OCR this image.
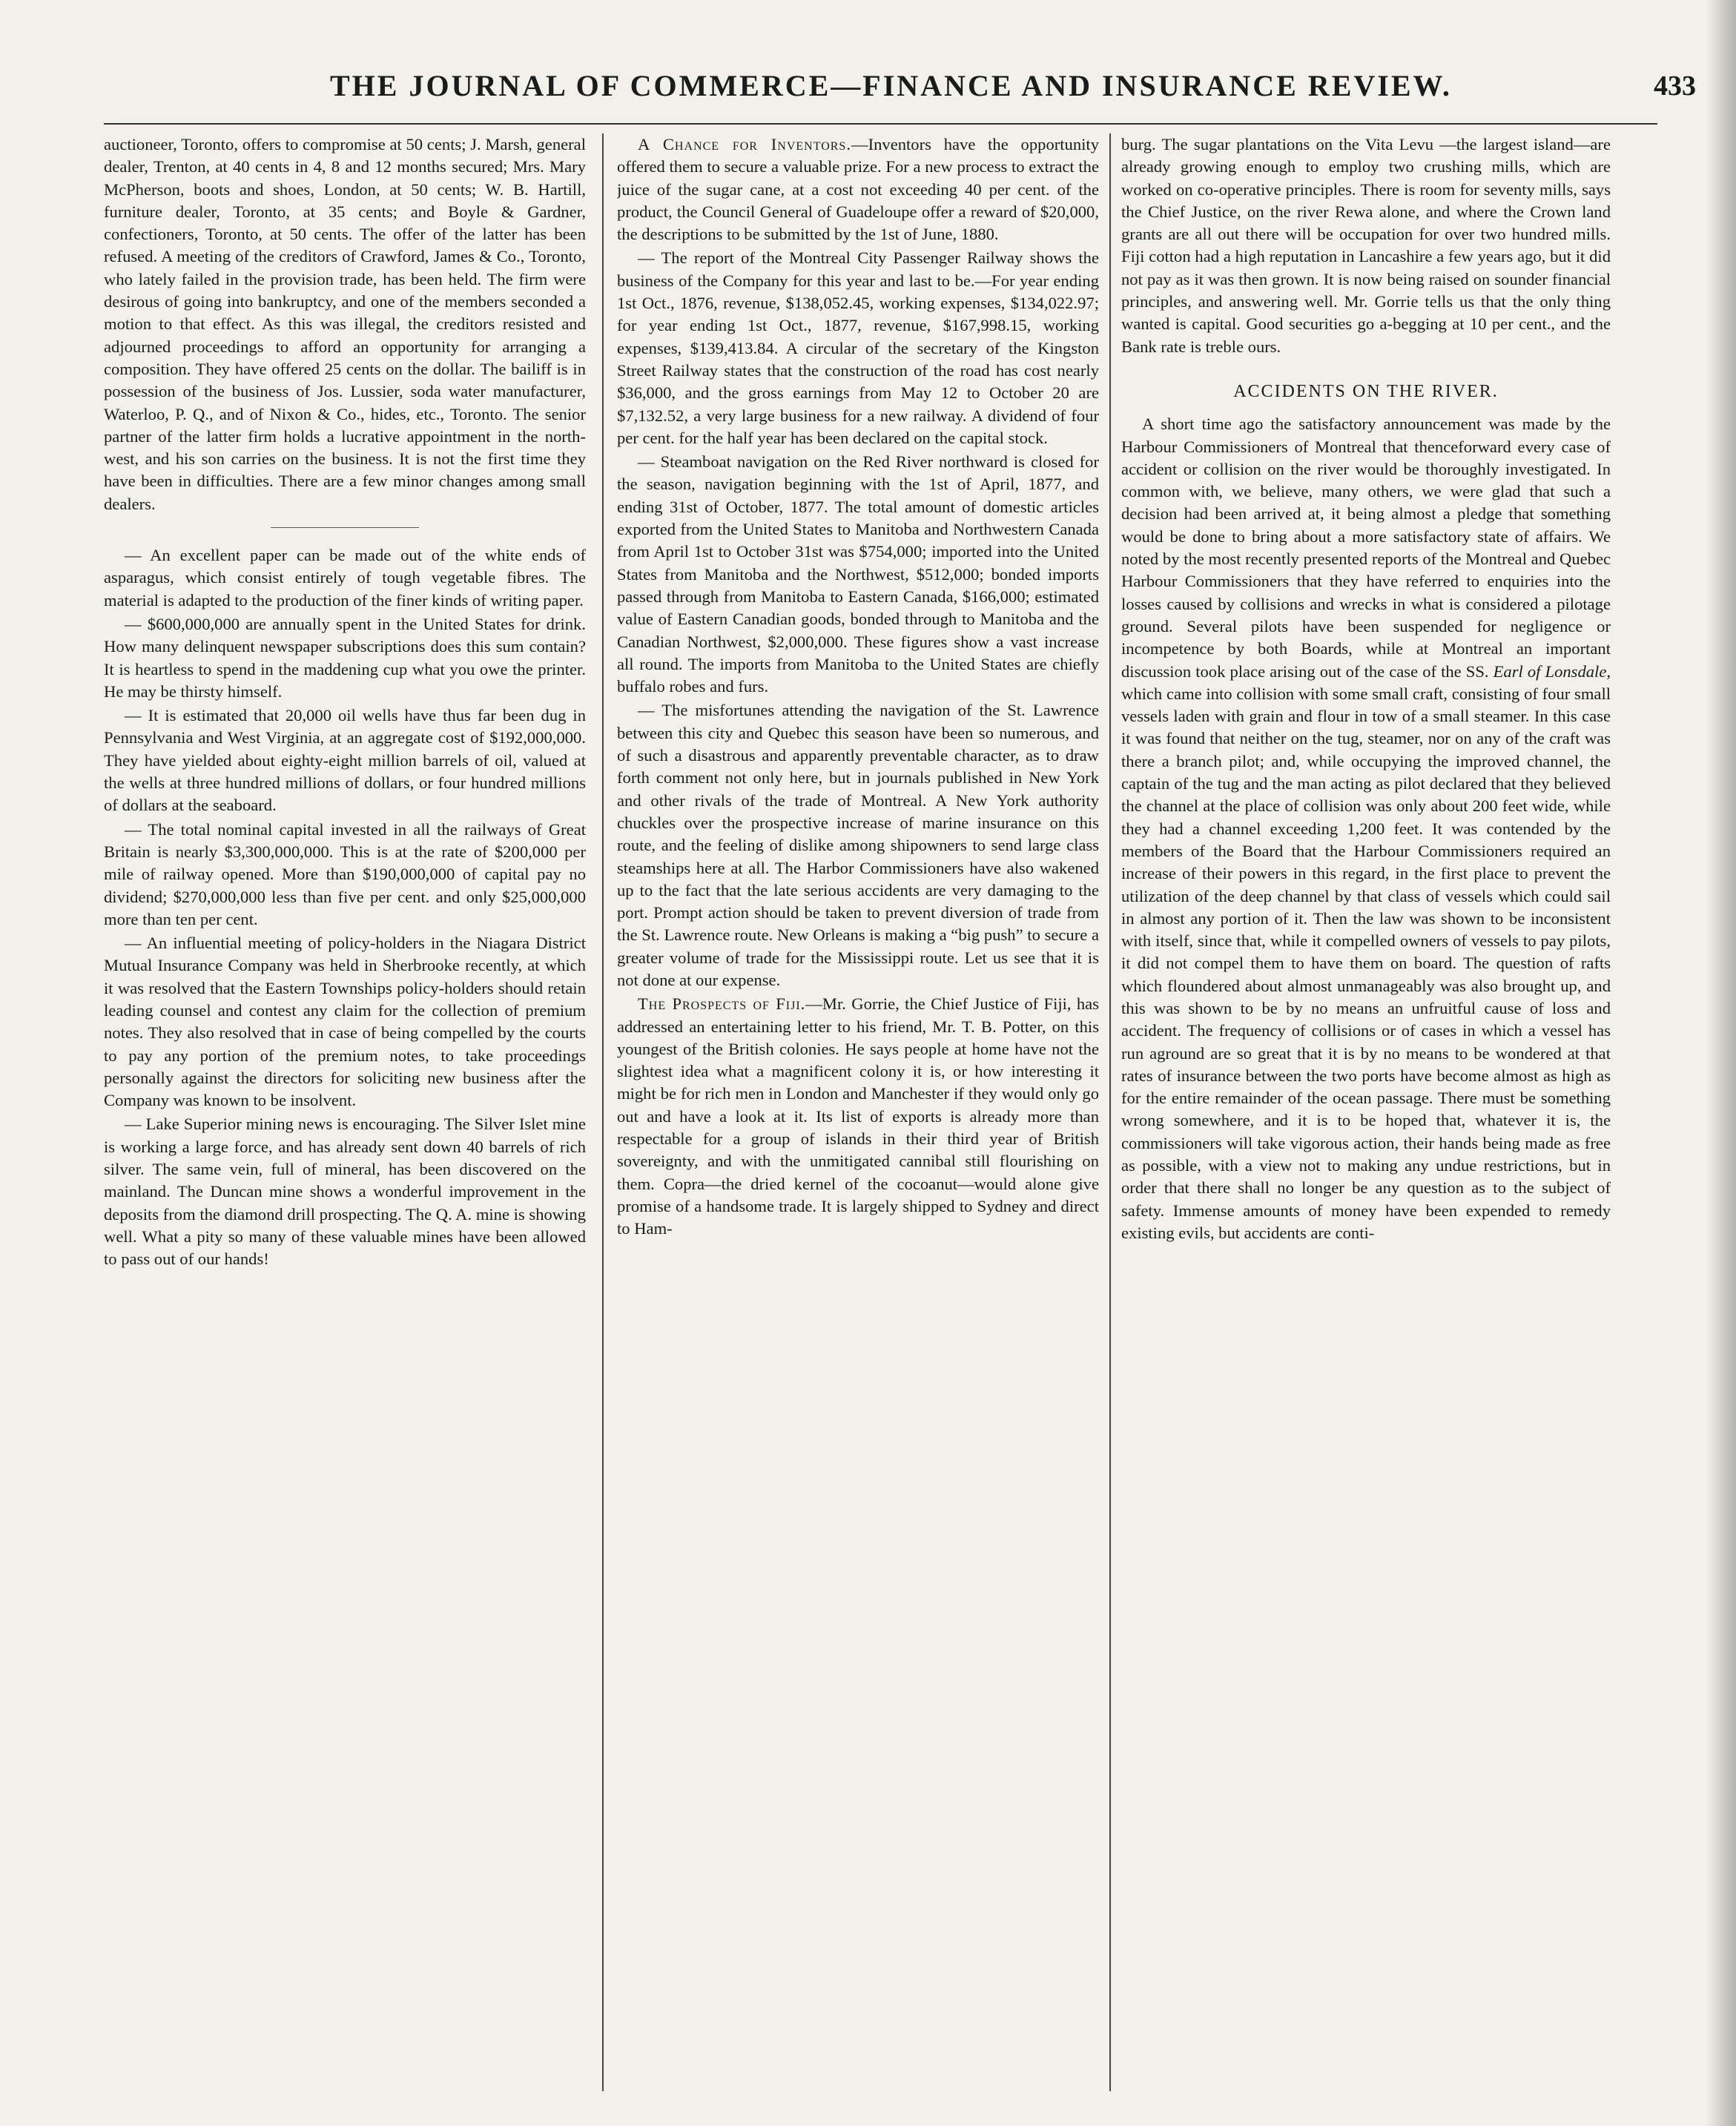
THE JOURNAL OF COMMERCE—FINANCE AND INSURANCE REVIEW.	433

auctioneer, Toronto, offers to compromise at 50 cents; J. Marsh, general dealer, Trenton, at 40 cents in 4, 8 and 12 months secured; Mrs. Mary McPherson, boots and shoes, London, at 50 cents; W. B. Hartill, furniture dealer, Toronto, at 35 cents; and Boyle & Gardner, confectioners, Toronto, at 50 cents. The offer of the latter has been refused. A meeting of the creditors of Crawford, James & Co., Toronto, who lately failed in the provision trade, has been held. The firm were desirous of going into bankruptcy, and one of the members seconded a motion to that effect. As this was illegal, the creditors resisted and adjourned proceedings to afford an opportunity for arranging a composition. They have offered 25 cents on the dollar. The bailiff is in possession of the business of Jos. Lussier, soda water manufacturer, Waterloo, P. Q., and of Nixon & Co., hides, etc., Toronto. The senior partner of the latter firm holds a lucrative appointment in the north-west, and his son carries on the business. It is not the first time they have been in difficulties. There are a few minor changes among small dealers.

— An excellent paper can be made out of the white ends of asparagus, which consist entirely of tough vegetable fibres. The material is adapted to the production of the finer kinds of writing paper.

— $600,000,000 are annually spent in the United States for drink. How many delinquent newspaper subscriptions does this sum contain? It is heartless to spend in the maddening cup what you owe the printer. He may be thirsty himself.

— It is estimated that 20,000 oil wells have thus far been dug in Pennsylvania and West Virginia, at an aggregate cost of $192,000,000. They have yielded about eighty-eight million barrels of oil, valued at the wells at three hundred millions of dollars, or four hundred millions of dollars at the seaboard.

— The total nominal capital invested in all the railways of Great Britain is nearly $3,300,000,000. This is at the rate of $200,000 per mile of railway opened. More than $190,000,000 of capital pay no dividend; $270,000,000 less than five per cent. and only $25,000,000 more than ten per cent.

— An influential meeting of policy-holders in the Niagara District Mutual Insurance Company was held in Sherbrooke recently, at which it was resolved that the Eastern Townships policy-holders should retain leading counsel and contest any claim for the collection of premium notes. They also resolved that in case of being compelled by the courts to pay any portion of the premium notes, to take proceedings personally against the directors for soliciting new business after the Company was known to be insolvent.

— Lake Superior mining news is encouraging. The Silver Islet mine is working a large force, and has already sent down 40 barrels of rich silver. The same vein, full of mineral, has been discovered on the mainland. The Duncan mine shows a wonderful improvement in the deposits from the diamond drill prospecting. The Q. A. mine is showing well. What a pity so many of these valuable mines have been allowed to pass out of our hands!

A Chance for Inventors.—Inventors have the opportunity offered them to secure a valuable prize. For a new process to extract the juice of the sugar cane, at a cost not exceeding 40 per cent. of the product, the Council General of Guadeloupe offer a reward of $20,000, the descriptions to be submitted by the 1st of June, 1880.

— The report of the Montreal City Passenger Railway shows the business of the Company for this year and last to be.—For year ending 1st Oct., 1876, revenue, $138,052.45, working expenses, $134,022.97; for year ending 1st Oct., 1877, revenue, $167,998.15, working expenses, $139,413.84. A circular of the secretary of the Kingston Street Railway states that the construction of the road has cost nearly $36,000, and the gross earnings from May 12 to October 20 are $7,132.52, a very large business for a new railway. A dividend of four per cent. for the half year has been declared on the capital stock.

— Steamboat navigation on the Red River northward is closed for the season, navigation beginning with the 1st of April, 1877, and ending 31st of October, 1877. The total amount of domestic articles exported from the United States to Manitoba and Northwestern Canada from April 1st to October 31st was $754,000; imported into the United States from Manitoba and the Northwest, $512,000; bonded imports passed through from Manitoba to Eastern Canada, $166,000; estimated value of Eastern Canadian goods, bonded through to Manitoba and the Canadian Northwest, $2,000,000. These figures show a vast increase all round. The imports from Manitoba to the United States are chiefly buffalo robes and furs.

— The misfortunes attending the navigation of the St. Lawrence between this city and Quebec this season have been so numerous, and of such a disastrous and apparently preventable character, as to draw forth comment not only here, but in journals published in New York and other rivals of the trade of Montreal. A New York authority chuckles over the prospective increase of marine insurance on this route, and the feeling of dislike among shipowners to send large class steamships here at all. The Harbor Commissioners have also wakened up to the fact that the late serious accidents are very damaging to the port. Prompt action should be taken to prevent diversion of trade from the St. Lawrence route. New Orleans is making a “big push” to secure a greater volume of trade for the Mississippi route. Let us see that it is not done at our expense.

The Prospects of Fiji.—Mr. Gorrie, the Chief Justice of Fiji, has addressed an entertaining letter to his friend, Mr. T. B. Potter, on this youngest of the British colonies. He says people at home have not the slightest idea what a magnificent colony it is, or how interesting it might be for rich men in London and Manchester if they would only go out and have a look at it. Its list of exports is already more than respectable for a group of islands in their third year of British sovereignty, and with the unmitigated cannibal still flourishing on them. Copra—the dried kernel of the cocoanut—would alone give promise of a handsome trade. It is largely shipped to Sydney and direct to Ham-

burg. The sugar plantations on the Vita Levu —the largest island—are already growing enough to employ two crushing mills, which are worked on co-operative principles. There is room for seventy mills, says the Chief Justice, on the river Rewa alone, and where the Crown land grants are all out there will be occupation for over two hundred mills. Fiji cotton had a high reputation in Lancashire a few years ago, but it did not pay as it was then grown. It is now being raised on sounder financial principles, and answering well. Mr. Gorrie tells us that the only thing wanted is capital. Good securities go a-begging at 10 per cent., and the Bank rate is treble ours.

ACCIDENTS ON THE RIVER.

A short time ago the satisfactory announcement was made by the Harbour Commissioners of Montreal that thenceforward every case of accident or collision on the river would be thoroughly investigated. In common with, we believe, many others, we were glad that such a decision had been arrived at, it being almost a pledge that something would be done to bring about a more satisfactory state of affairs. We noted by the most recently presented reports of the Montreal and Quebec Harbour Commissioners that they have referred to enquiries into the losses caused by collisions and wrecks in what is considered a pilotage ground. Several pilots have been suspended for negligence or incompetence by both Boards, while at Montreal an important discussion took place arising out of the case of the SS. Earl of Lonsdale, which came into collision with some small craft, consisting of four small vessels laden with grain and flour in tow of a small steamer. In this case it was found that neither on the tug, steamer, nor on any of the craft was there a branch pilot; and, while occupying the improved channel, the captain of the tug and the man acting as pilot declared that they believed the channel at the place of collision was only about 200 feet wide, while they had a channel exceeding 1,200 feet. It was contended by the members of the Board that the Harbour Commissioners required an increase of their powers in this regard, in the first place to prevent the utilization of the deep channel by that class of vessels which could sail in almost any portion of it. Then the law was shown to be inconsistent with itself, since that, while it compelled owners of vessels to pay pilots, it did not compel them to have them on board. The question of rafts which floundered about almost unmanageably was also brought up, and this was shown to be by no means an unfruitful cause of loss and accident. The frequency of collisions or of cases in which a vessel has run aground are so great that it is by no means to be wondered at that rates of insurance between the two ports have become almost as high as for the entire remainder of the ocean passage. There must be something wrong somewhere, and it is to be hoped that, whatever it is, the commissioners will take vigorous action, their hands being made as free as possible, with a view not to making any undue restrictions, but in order that there shall no longer be any question as to the subject of safety. Immense amounts of money have been expended to remedy existing evils, but accidents are conti-
